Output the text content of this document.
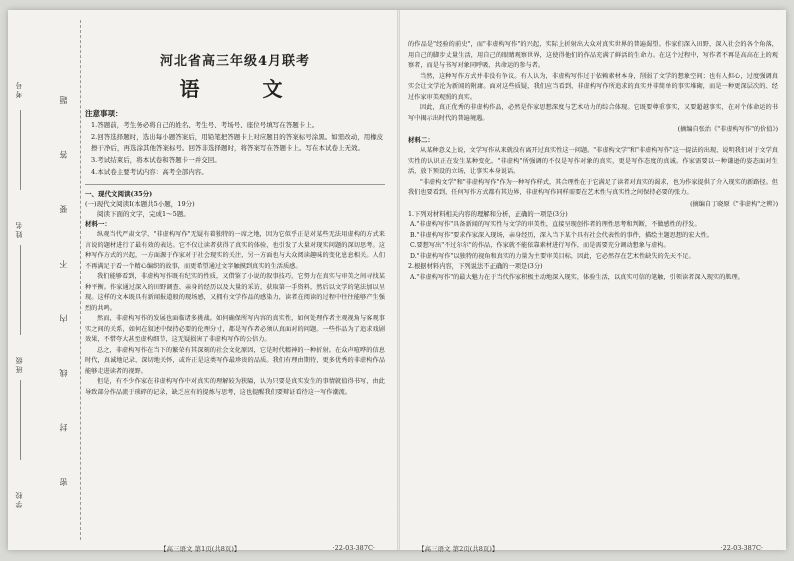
考号
姓名
班级
学校
密 封 线 内 不 要 答 题
河北省高三年级4月联考
语 文
注意事项：
1.答题前，考生务必将自己的姓名、考生号、考场号、座位号填写在答题卡上。
2.回答选择题时，选出每小题答案后，用铅笔把答题卡上对应题目的答案标号涂黑。如需改动，用橡皮擦干净后，再选涂其他答案标号。回答非选择题时，将答案写在答题卡上。写在本试卷上无效。
3.考试结束后，将本试卷和答题卡一并交回。
4.本试卷主要考试内容：高考全部内容。
一、现代文阅读(35分)
(一)现代文阅读Ⅰ(本题共5小题，19分)
阅读下面的文字，完成1～5题。
材料一：
纵观当代严肃文学，"非虚构写作"无疑有着独特的一席之地，因为它似乎正是对某些无法用虚构的方式来言说的题材进行了最有效的表达。它不仅让读者获得了真实的体验，也引发了大量对现实问题的深切思考。这种写作方式的兴起，一方面源于作家对于社会现实的关注，另一方面也与大众阅读趣味的变化息息相关。人们不再满足于看一个精心编织的故事，而更希望通过文字触摸到真实的生活质感。
我们能够看到，非虚构写作既有纪实的性质，又借鉴了小说的叙事技巧，它努力在真实与审美之间寻找某种平衡。作家通过深入的田野调查、亲身的经历以及大量的采访，获取第一手资料，然后以文学的笔法加以呈现。这样的文本既具有新闻报道般的现场感，又拥有文学作品的感染力，读者在阅读的过程中往往能够产生强烈的共鸣。
然而，非虚构写作的发展也面临诸多挑战。如何确保所写内容的真实性，如何处理作者主观视角与客观事实之间的关系，如何在叙述中保持必要的伦理分寸，都是写作者必须认真面对的问题。一些作品为了追求戏剧效果，不惜夸大甚至虚构细节，这无疑损害了非虚构写作的公信力。
总之，非虚构写作在当下的繁荣有其深刻的社会文化原因，它是时代精神的一种折射。在众声喧哗的信息时代，真诚地记录、深切地关怀，或许正是这类写作最珍贵的品质。我们有理由期待，更多优秀的非虚构作品能够走进读者的视野。
但是，有不少作家在非虚构写作中对真实的理解较为狭隘，认为只要是真实发生的事情就值得书写，由此导致部分作品流于琐碎的记录，缺乏应有的提炼与思考，这也提醒我们要辩证看待这一写作潮流。
的作品是"经验的前史"，而"非虚构写作"的兴起，实际上折射出大众对真实世界的普遍渴望。作家们深入田野，深入社会的各个角落，用自己的脚步丈量生活，用自己的眼睛观察世界，这使得他们的作品充满了鲜活的生命力。在这个过程中，写作者不再是高高在上的观察者，而是与书写对象同呼吸、共命运的参与者。
当然，这种写作方式并非没有争议。有人认为，非虚构写作过于依赖素材本身，削弱了文学的想象空间；也有人担心，过度强调真实会让文学沦为新闻的附庸。面对这些质疑，我们应当看到，非虚构写作所追求的真实并非简单的事实堆砌，而是一种更深层次的、经过作家审美观照的真实。
因此，真正优秀的非虚构作品，必然是作家思想深度与艺术功力的综合体现。它既要尊重事实，又要超越事实，在对个体命运的书写中揭示出时代的普遍境遇。
(摘编自张治《"非虚构写作"的价值》)
材料二：
从某种意义上说，文学写作从来就没有离开过真实性这一问题。"非虚构文学"和"非虚构写作"这一提法的出现，说明我们对于文学真实性的认识正在发生某种变化。"非虚构"所强调的不仅是写作对象的真实，更是写作态度的真诚。作家需要以一种谦逊的姿态面对生活，放下预设的立场，让事实本身说话。
"非虚构文学"和"非虚构写作"作为一种写作样式，其合理性在于它满足了读者对真实的渴求，也为作家提供了介入现实的新路径。但我们也要看到，任何写作方式都有其边界，非虚构写作同样需要在艺术性与真实性之间保持必要的张力。
(摘编自丁晓原《"非虚构"之辨》)
1.下列对材料相关内容的理解和分析，正确的一项是(3分)
A."非虚构写作"具备新闻的写实性与文学的审美性，直接呈现创作者的理性思考和判断，不做感性的抒发。
B."非虚构写作"要求作家深入现场，亲身经历，深入当下某个具有社会代表性的事件，描绘主题思想的宏大性。
C.要想写出"不过尔尔"的作品，作家就不能依靠素材进行写作，而是需要充分调动想象与虚构。
D."非虚构写作"以独特的视角和真实的力量为主要审美目标，因此，它必然存在艺术性缺失的先天不足。
2.根据材料内容，下列说法不正确的一项是(3分)
A."非虚构写作"的最大魅力在于当代作家积极主动地深入现实，体验生活，以真实可信的笔触，引领读者深入现实的肌理。
【高三语文 第1页(共8页)】	·22-03-387C·	【高三语文 第2页(共8页)】	·22-03-387C·
